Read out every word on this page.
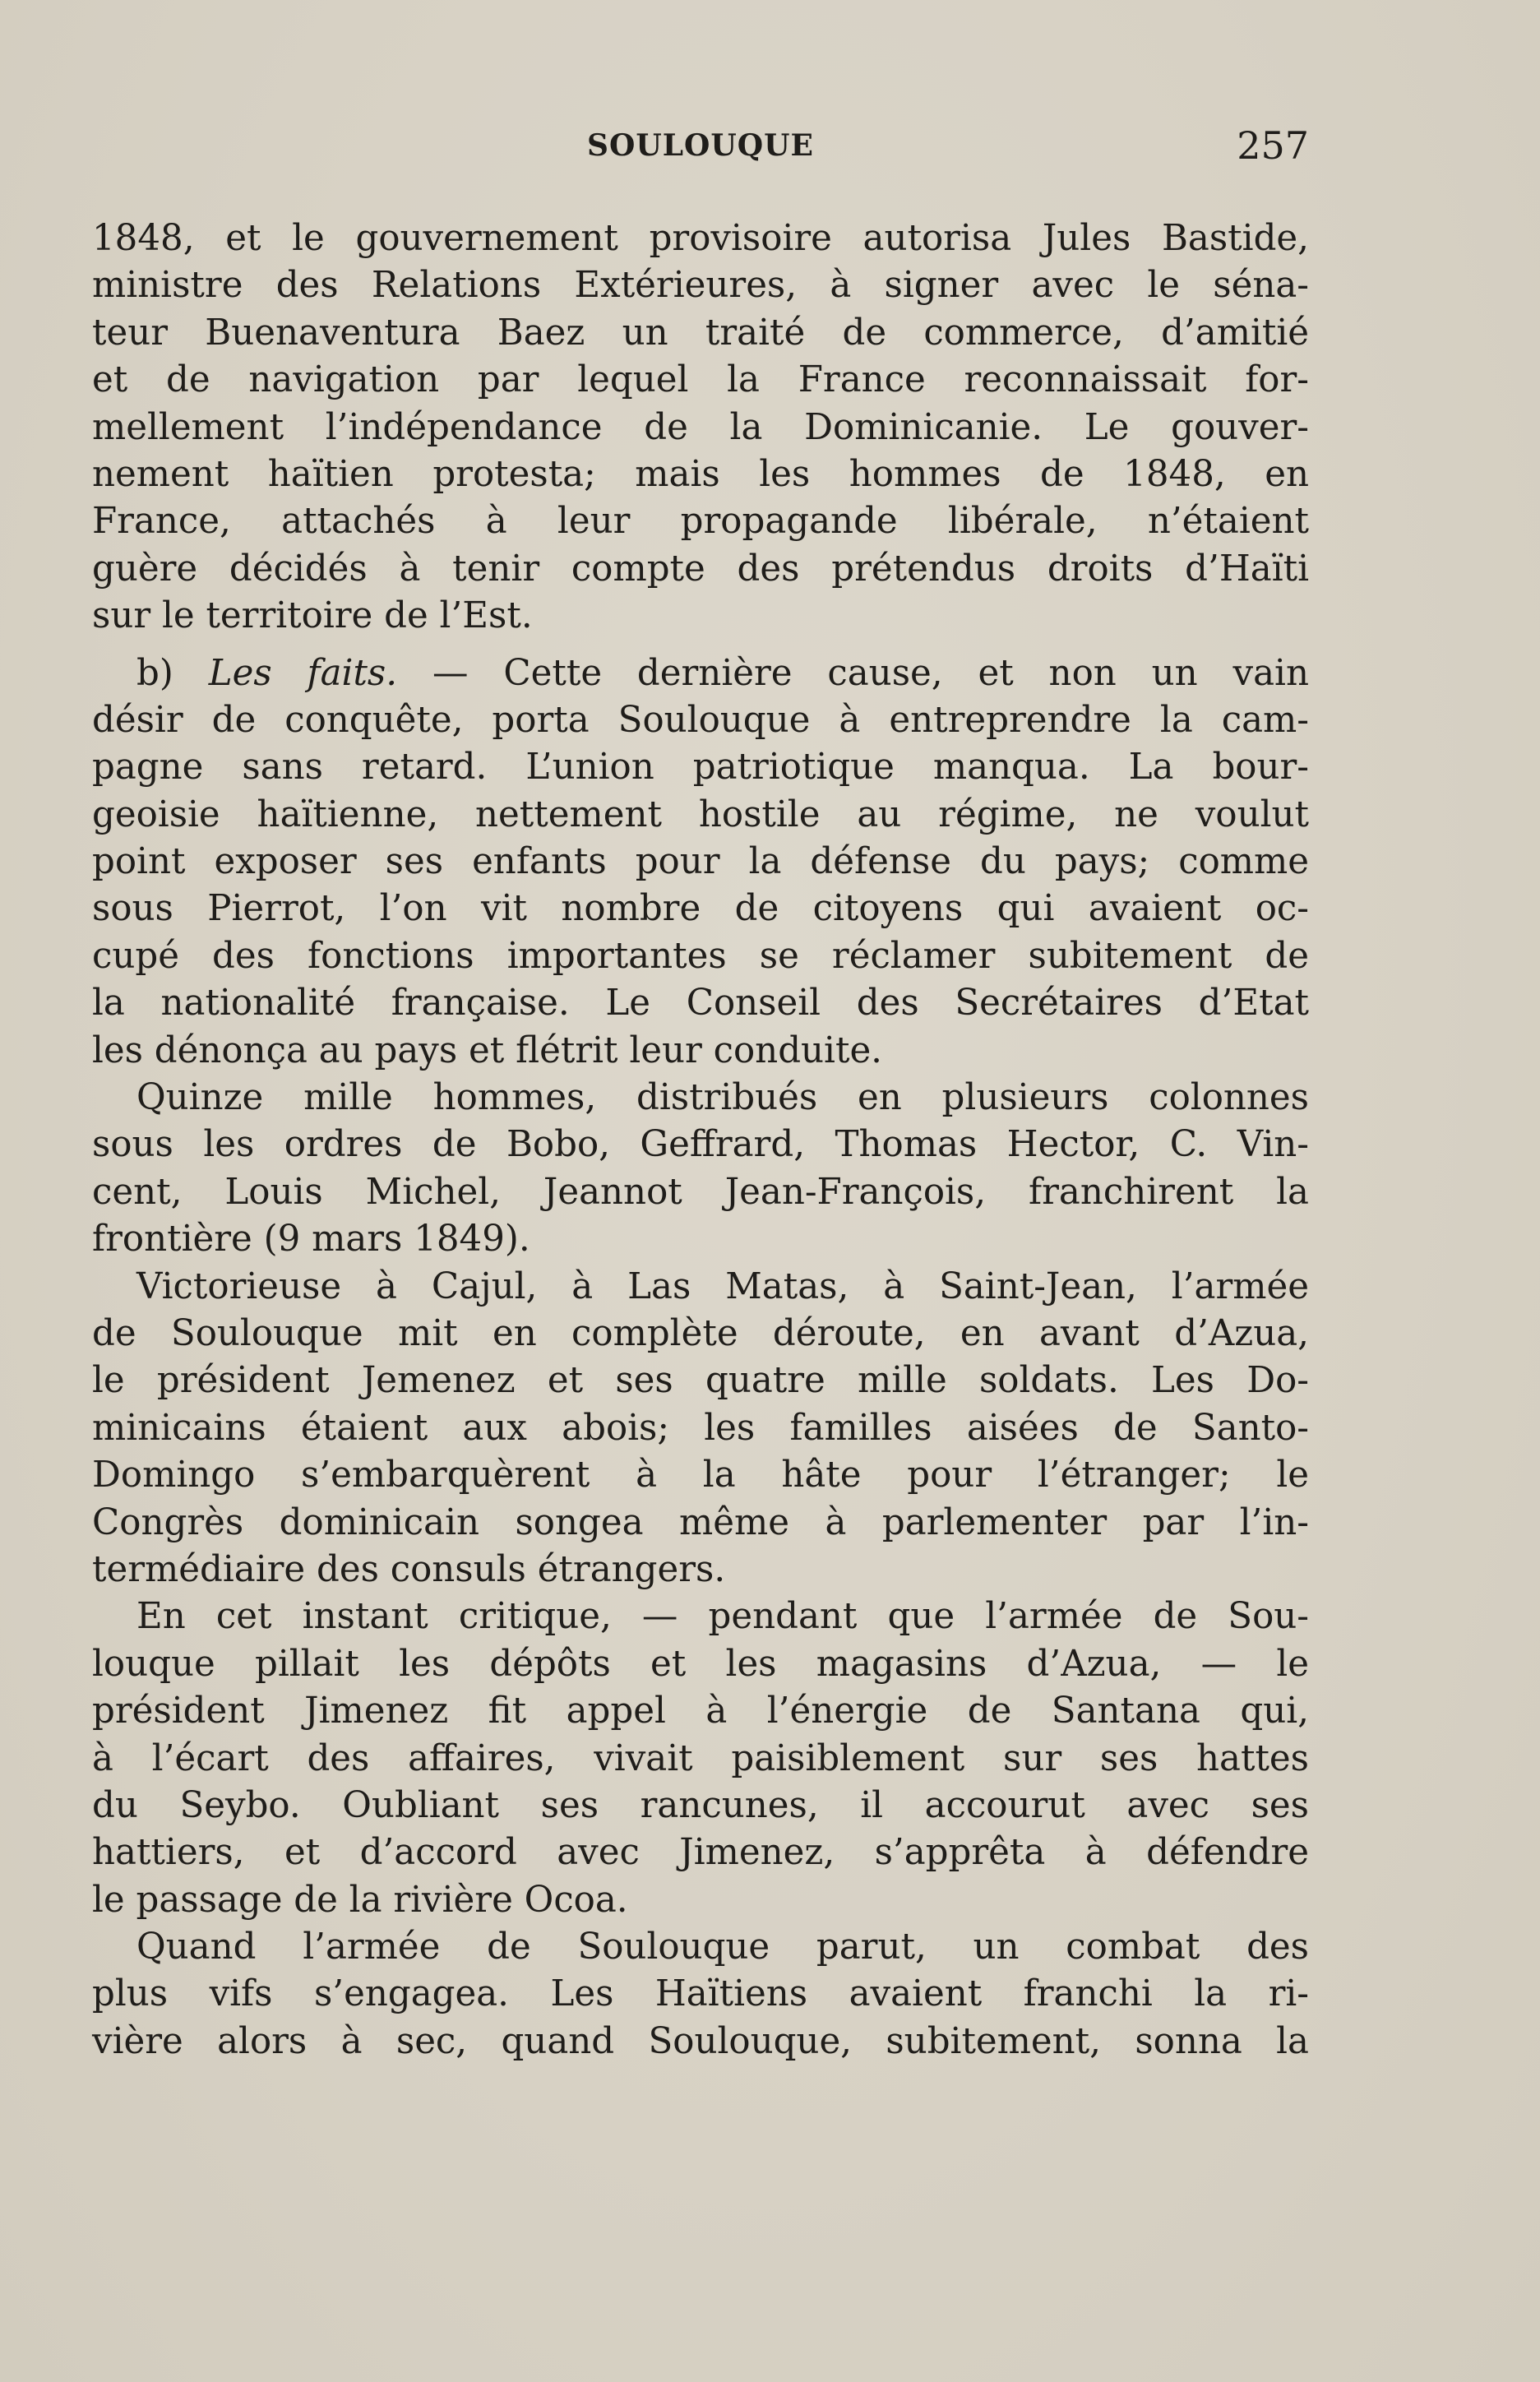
SOULOUQUE	257
1848, et le gouvernement provisoire autorisa Jules Bastide,
ministre des Relations Extérieures, à signer avec le séna-
teur Buenaventura Baez un traité de commerce, d’amitié
et de navigation par lequel la France reconnaissait for-
mellement l’indépendance de la Dominicanie. Le gouver-
nement haïtien protesta; mais les hommes de 1848, en
France, attachés à leur propagande libérale, n’étaient
guère décidés à tenir compte des prétendus droits d’Haïti
sur le territoire de l’Est.
b) Les faits. — Cette dernière cause, et non un vain
désir de conquête, porta Soulouque à entreprendre la cam-
pagne sans retard. L’union patriotique manqua. La bour-
geoisie haïtienne, nettement hostile au régime, ne voulut
point exposer ses enfants pour la défense du pays; comme
sous Pierrot, l’on vit nombre de citoyens qui avaient oc-
cupé des fonctions importantes se réclamer subitement de
la nationalité française. Le Conseil des Secrétaires d’Etat
les dénonça au pays et flétrit leur conduite.
Quinze mille hommes, distribués en plusieurs colonnes
sous les ordres de Bobo, Geffrard, Thomas Hector, C. Vin-
cent, Louis Michel, Jeannot Jean-François, franchirent la
frontière (9 mars 1849).
Victorieuse à Cajul, à Las Matas, à Saint-Jean, l’armée
de Soulouque mit en complète déroute, en avant d’Azua,
le président Jemenez et ses quatre mille soldats. Les Do-
minicains étaient aux abois; les familles aisées de Santo-
Domingo s’embarquèrent à la hâte pour l’étranger; le
Congrès dominicain songea même à parlementer par l’in-
termédiaire des consuls étrangers.
En cet instant critique, — pendant que l’armée de Sou-
louque pillait les dépôts et les magasins d’Azua, — le
président Jimenez fit appel à l’énergie de Santana qui,
à l’écart des affaires, vivait paisiblement sur ses hattes
du Seybo. Oubliant ses rancunes, il accourut avec ses
hattiers, et d’accord avec Jimenez, s’apprêta à défendre
le passage de la rivière Ocoa.
Quand l’armée de Soulouque parut, un combat des
plus vifs s’engagea. Les Haïtiens avaient franchi la ri-
vière alors à sec, quand Soulouque, subitement, sonna la
